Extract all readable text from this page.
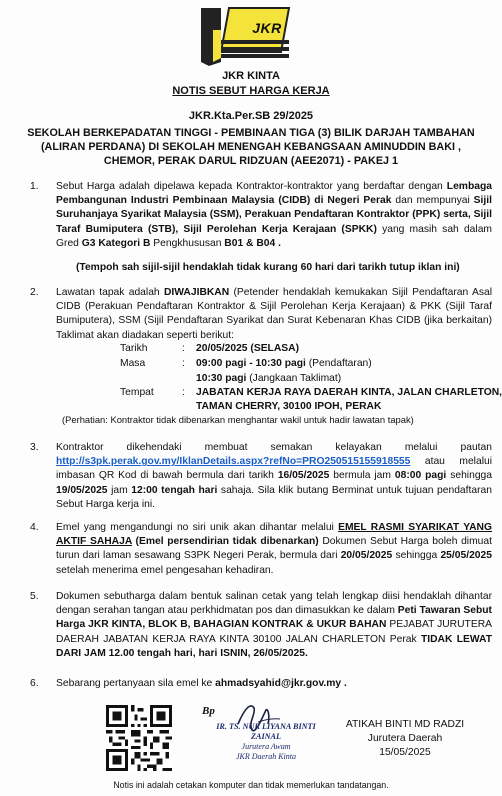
JKR
JKR KINTA
NOTIS SEBUT HARGA KERJA
JKR.Kta.Per.SB 29/2025
SEKOLAH BERKEPADATAN TINGGI - PEMBINAAN TIGA (3) BILIK DARJAH TAMBAHAN (ALIRAN PERDANA) DI SEKOLAH MENENGAH KEBANGSAAN AMINUDDIN BAKI , CHEMOR, PERAK DARUL RIDZUAN (AEE2071) - PAKEJ 1
1. Sebut Harga adalah dipelawa kepada Kontraktor-kontraktor yang berdaftar dengan Lembaga Pembangunan Industri Pembinaan Malaysia (CIDB) di Negeri Perak dan mempunyai Sijil Suruhanjaya Syarikat Malaysia (SSM), Perakuan Pendaftaran Kontraktor (PPK) serta, Sijil Taraf Bumiputera (STB), Sijil Perolehan Kerja Kerajaan (SPKK) yang masih sah dalam Gred G3 Kategori B Pengkhususan B01 & B04 .
(Tempoh sah sijil-sijil hendaklah tidak kurang 60 hari dari tarikh tutup iklan ini)
2. Lawatan tapak adalah DIWAJIBKAN (Petender hendaklah kemukakan Sijil Pendaftaran Asal CIDB (Perakuan Pendaftaran Kontraktor & Sijil Perolehan Kerja Kerajaan) & PKK (Sijil Taraf Bumiputera), SSM (Sijil Pendaftaran Syarikat dan Surat Kebenaran Khas CIDB (jika berkaitan) Taklimat akan diadakan seperti berikut:
Tarikh	: 20/05/2025 (SELASA)
Masa	: 09:00 pagi - 10:30 pagi (Pendaftaran)
10:30 pagi (Jangkaan Taklimat)
Tempat	: JABATAN KERJA RAYA DAERAH KINTA, JALAN CHARLETON, TAMAN CHERRY, 30100 IPOH, PERAK
(Perhatian: Kontraktor tidak dibenarkan menghantar wakil untuk hadir lawatan tapak)
3. Kontraktor dikehendaki membuat semakan kelayakan melalui pautan http://s3pk.perak.gov.my/IklanDetails.aspx?refNo=PRO250515155918555 atau melalui imbasan QR Kod di bawah bermula dari tarikh 16/05/2025 bermula jam 08:00 pagi sehingga 19/05/2025 jam 12:00 tengah hari sahaja. Sila klik butang Berminat untuk tujuan pendaftaran Sebut Harga kerja ini.
4. Emel yang mengandungi no siri unik akan dihantar melalui EMEL RASMI SYARIKAT YANG AKTIF SAHAJA (Emel persendirian tidak dibenarkan) Dokumen Sebut Harga boleh dimuat turun dari laman sesawang S3PK Negeri Perak, bermula dari 20/05/2025 sehingga 25/05/2025 setelah menerima emel pengesahan kehadiran.
5. Dokumen sebutharga dalam bentuk salinan cetak yang telah lengkap diisi hendaklah dihantar dengan serahan tangan atau perkhidmatan pos dan dimasukkan ke dalam Peti Tawaran Sebut Harga JKR KINTA, BLOK B, BAHAGIAN KONTRAK & UKUR BAHAN PEJABAT JURUTERA DAERAH JABATAN KERJA RAYA KINTA 30100 JALAN CHARLETON Perak TIDAK LEWAT DARI JAM 12.00 tengah hari, hari ISNIN, 26/05/2025.
6. Sebarang pertanyaan sila emel ke ahmadsyahid@jkr.gov.my .
Bp
IR. TS. NUR LIYANA BINTI ZAINAL
Jurutera Awam
JKR Daerah Kinta
ATIKAH BINTI MD RADZI
Jurutera Daerah
15/05/2025
Notis ini adalah cetakan komputer dan tidak memerlukan tandatangan.
